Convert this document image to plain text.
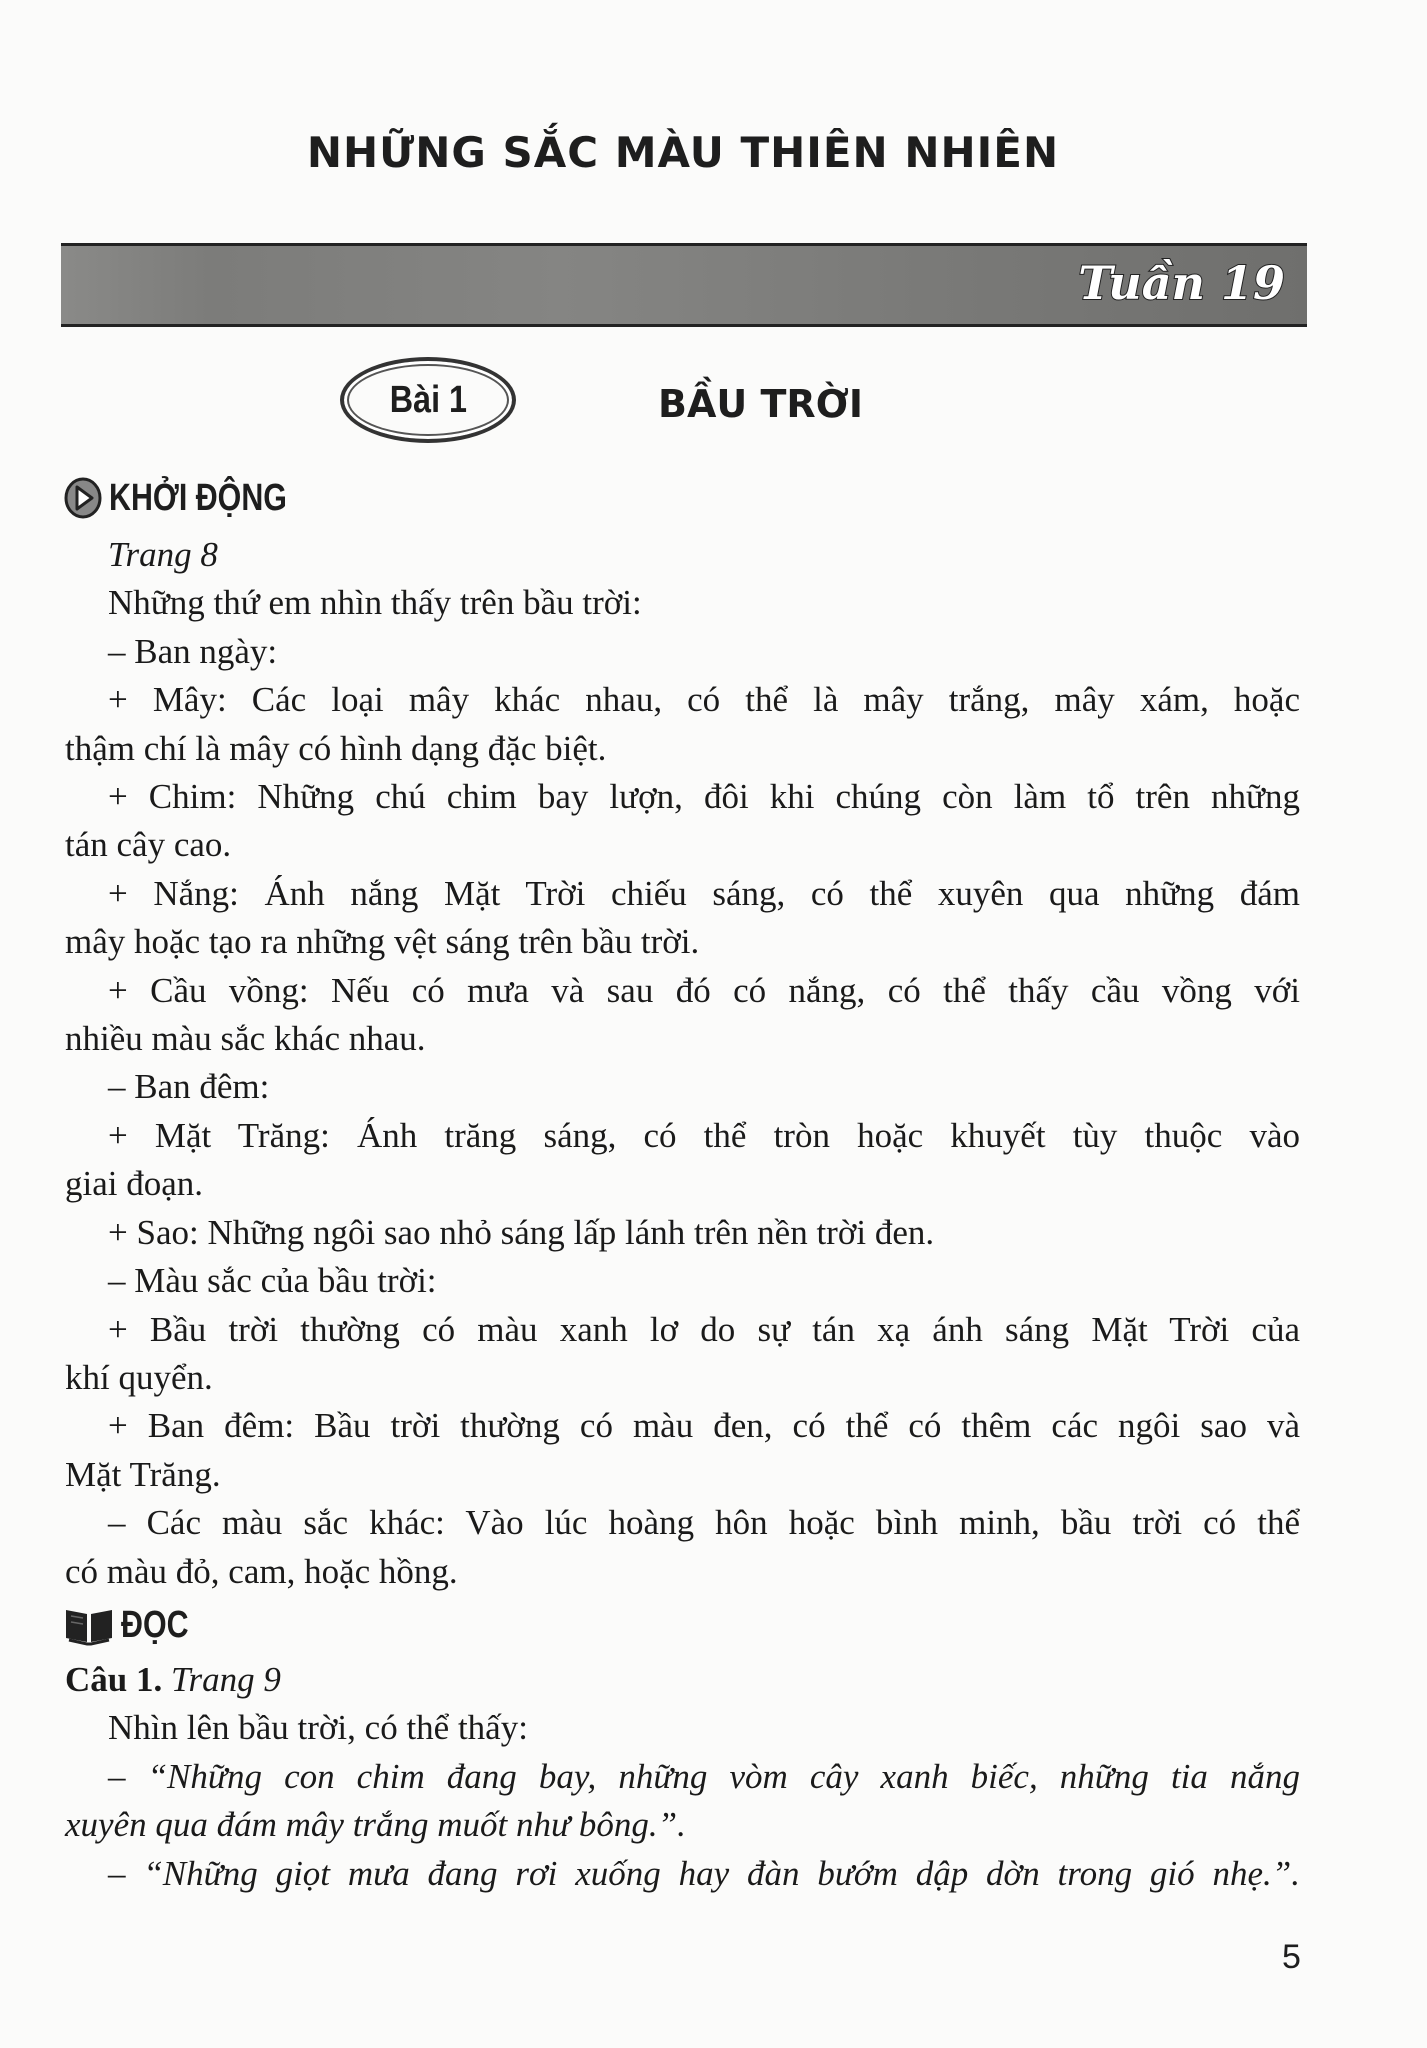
NHỮNG SẮC MÀU THIÊN NHIÊN
Tuần 19
Bài 1	BẦU TRỜI
KHỞI ĐỘNG
Trang 8
Những thứ em nhìn thấy trên bầu trời:
– Ban ngày:
+ Mây: Các loại mây khác nhau, có thể là mây trắng, mây xám, hoặc
thậm chí là mây có hình dạng đặc biệt.
+ Chim: Những chú chim bay lượn, đôi khi chúng còn làm tổ trên những
tán cây cao.
+ Nắng: Ánh nắng Mặt Trời chiếu sáng, có thể xuyên qua những đám
mây hoặc tạo ra những vệt sáng trên bầu trời.
+ Cầu vồng: Nếu có mưa và sau đó có nắng, có thể thấy cầu vồng với
nhiều màu sắc khác nhau.
– Ban đêm:
+ Mặt Trăng: Ánh trăng sáng, có thể tròn hoặc khuyết tùy thuộc vào
giai đoạn.
+ Sao: Những ngôi sao nhỏ sáng lấp lánh trên nền trời đen.
– Màu sắc của bầu trời:
+ Bầu trời thường có màu xanh lơ do sự tán xạ ánh sáng Mặt Trời của
khí quyển.
+ Ban đêm: Bầu trời thường có màu đen, có thể có thêm các ngôi sao và
Mặt Trăng.
– Các màu sắc khác: Vào lúc hoàng hôn hoặc bình minh, bầu trời có thể
có màu đỏ, cam, hoặc hồng.
ĐỌC
Câu 1. Trang 9
Nhìn lên bầu trời, có thể thấy:
– “Những con chim đang bay, những vòm cây xanh biếc, những tia nắng
xuyên qua đám mây trắng muốt như bông.”.
– “Những giọt mưa đang rơi xuống hay đàn bướm dập dờn trong gió nhẹ.”.
5
